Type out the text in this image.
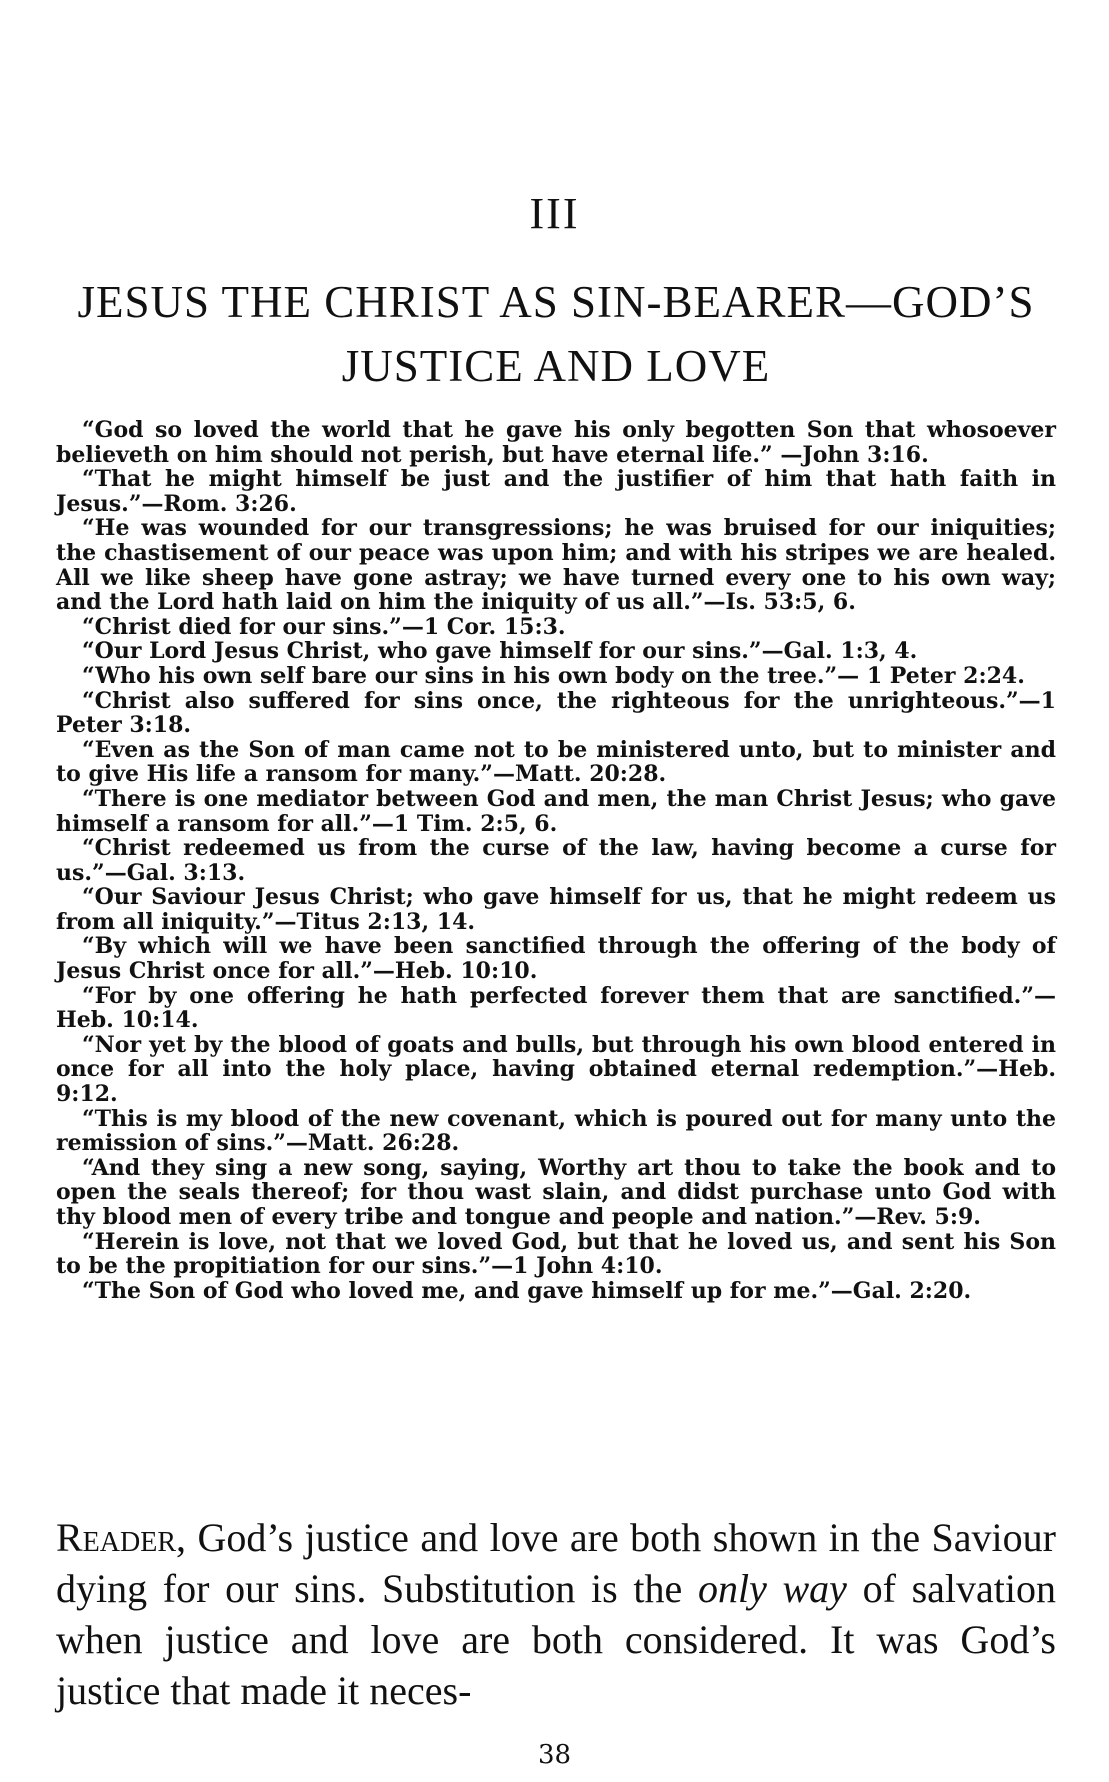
III
JESUS THE CHRIST AS SIN-BEARER—GOD’S
JUSTICE AND LOVE

“God so loved the world that he gave his only begotten Son that whosoever believeth on him should not perish, but have eternal life.” —John 3:16.

“That he might himself be just and the justifier of him that hath faith in Jesus.”—Rom. 3:26.

“He was wounded for our transgressions; he was bruised for our iniquities; the chastisement of our peace was upon him; and with his stripes we are healed. All we like sheep have gone astray; we have turned every one to his own way; and the Lord hath laid on him the iniquity of us all.”—Is. 53:5, 6.

“Christ died for our sins.”—1 Cor. 15:3.

“Our Lord Jesus Christ, who gave himself for our sins.”—Gal. 1:3, 4.

“Who his own self bare our sins in his own body on the tree.”— 1 Peter 2:24.

“Christ also suffered for sins once, the righteous for the unrighteous.”—1 Peter 3:18.

“Even as the Son of man came not to be ministered unto, but to minister and to give His life a ransom for many.”—Matt. 20:28.

“There is one mediator between God and men, the man Christ Jesus; who gave himself a ransom for all.”—1 Tim. 2:5, 6.

“Christ redeemed us from the curse of the law, having become a curse for us.”—Gal. 3:13.

“Our Saviour Jesus Christ; who gave himself for us, that he might redeem us from all iniquity.”—Titus 2:13, 14.

“By which will we have been sanctified through the offering of the body of Jesus Christ once for all.”—Heb. 10:10.

“For by one offering he hath perfected forever them that are sanctified.”—Heb. 10:14.

“Nor yet by the blood of goats and bulls, but through his own blood entered in once for all into the holy place, having obtained eternal redemption.”—Heb. 9:12.

“This is my blood of the new covenant, which is poured out for many unto the remission of sins.”—Matt. 26:28.

“And they sing a new song, saying, Worthy art thou to take the book and to open the seals thereof; for thou wast slain, and didst purchase unto God with thy blood men of every tribe and tongue and people and nation.”—Rev. 5:9.

“Herein is love, not that we loved God, but that he loved us, and sent his Son to be the propitiation for our sins.”—1 John 4:10.

“The Son of God who loved me, and gave himself up for me.”—Gal. 2:20.

Reader, God’s justice and love are both shown in the Saviour dying for our sins. Substitution is the only way of salvation when justice and love are both considered. It was God’s justice that made it neces-

38
